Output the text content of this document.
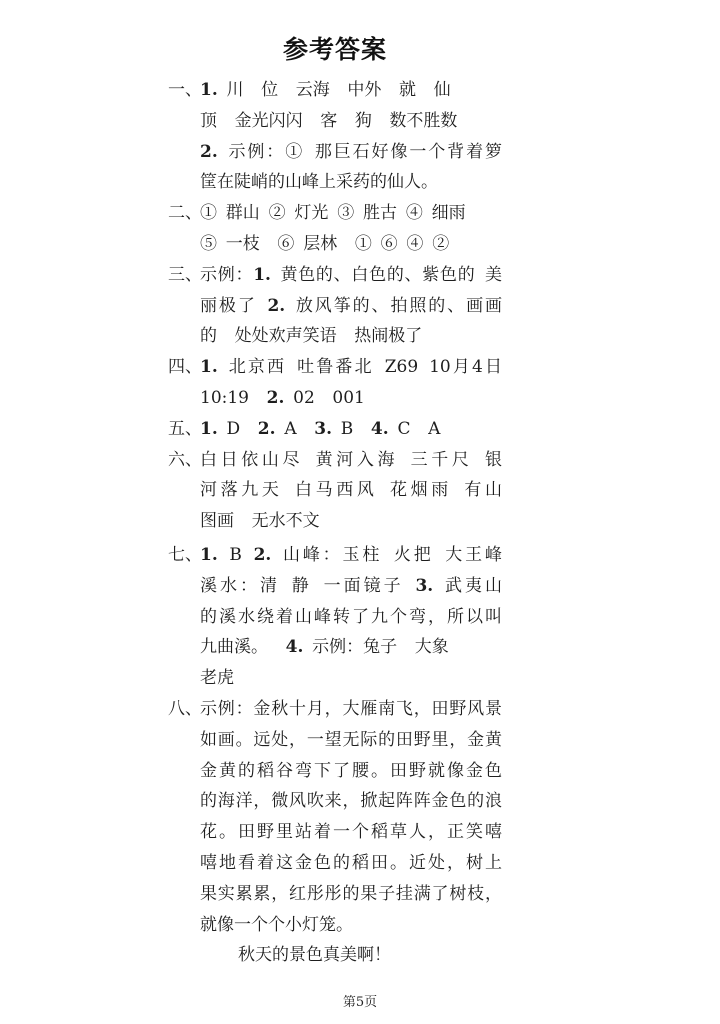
参考答案
一、
1. 川  位  云海  中外  就  仙
顶  金光闪闪  客  狗  数不胜数
2. 示例：① 那巨石好像一个背着箩
筐在陡峭的山峰上采药的仙人。
二、
① 群山 ② 灯光 ③ 胜古 ④ 细雨
⑤ 一枝  ⑥ 层林  ① ⑥ ④ ②
三、
示例：1. 黄色的、白色的、紫色的 美
丽极了 2. 放风筝的、拍照的、画画
的  处处欢声笑语  热闹极了
四、
1. 北京西 吐鲁番北 Z69 10月4日
10:19  2. 02  001
五、
1. D  2. A  3. B  4. C  A
六、
白日依山尽 黄河入海 三千尺 银
河落九天 白马西风 花烟雨 有山
图画  无水不文
七、
1. B 2. 山峰：玉柱 火把 大王峰
溪水：清 静 一面镜子 3. 武夷山
的溪水绕着山峰转了九个弯，所以叫
九曲溪。  4. 示例：兔子  大象
老虎
八、
示例：金秋十月，大雁南飞，田野风景
如画。远处，一望无际的田野里，金黄
金黄的稻谷弯下了腰。田野就像金色
的海洋，微风吹来，掀起阵阵金色的浪
花。田野里站着一个稻草人，正笑嘻
嘻地看着这金色的稻田。近处，树上
果实累累，红彤彤的果子挂满了树枝，
就像一个个小灯笼。
秋天的景色真美啊！
第5页
